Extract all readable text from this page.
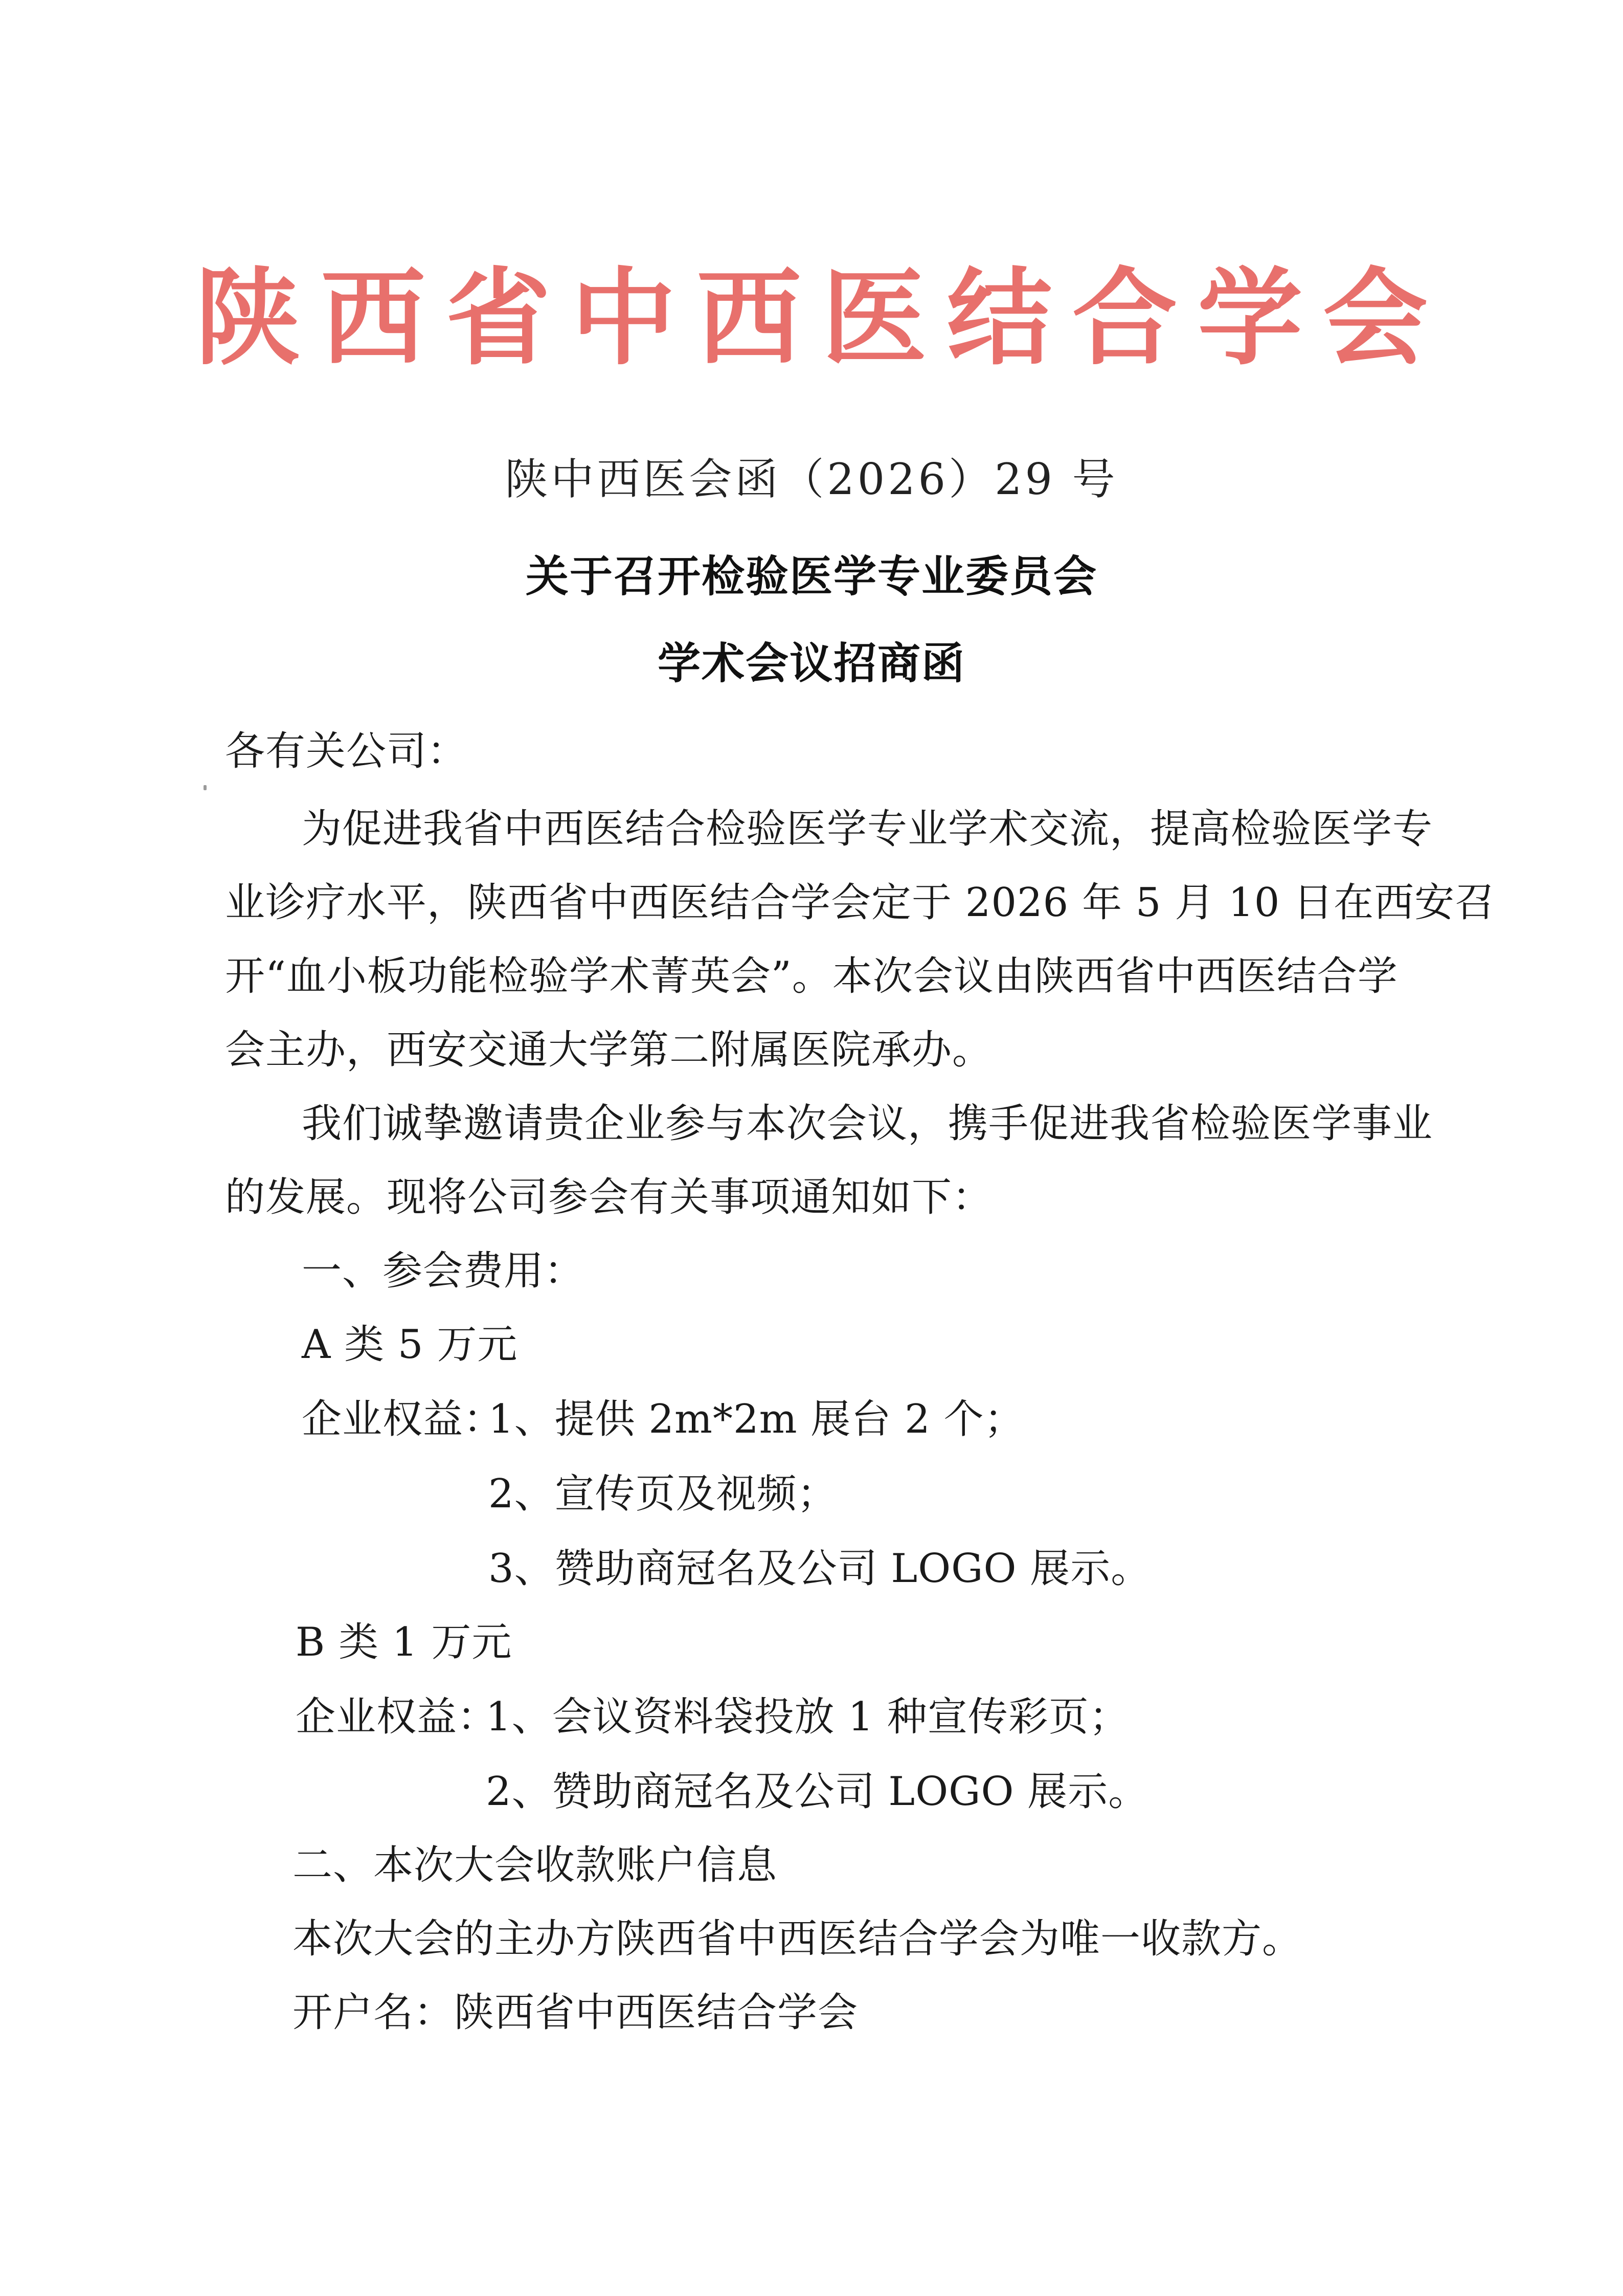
陕西省中西医结合学会
陕中西医会函（2026）29 号
关于召开检验医学专业委员会
学术会议招商函
各有关公司：
为促进我省中西医结合检验医学专业学术交流，提高检验医学专
业诊疗水平，陕西省中西医结合学会定于 2026 年 5 月 10 日在西安召
开“血小板功能检验学术菁英会”。本次会议由陕西省中西医结合学
会主办，西安交通大学第二附属医院承办。
我们诚挚邀请贵企业参与本次会议，携手促进我省检验医学事业
的发展。现将公司参会有关事项通知如下：
一、参会费用：
A 类 5 万元
企业权益：
1、提供 2m*2m 展台 2 个；
2、宣传页及视频；
3、赞助商冠名及公司 LOGO 展示。
B 类 1 万元
企业权益：
1、会议资料袋投放 1 种宣传彩页；
2、赞助商冠名及公司 LOGO 展示。
二、本次大会收款账户信息
本次大会的主办方陕西省中西医结合学会为唯一收款方。
开户名：陕西省中西医结合学会
